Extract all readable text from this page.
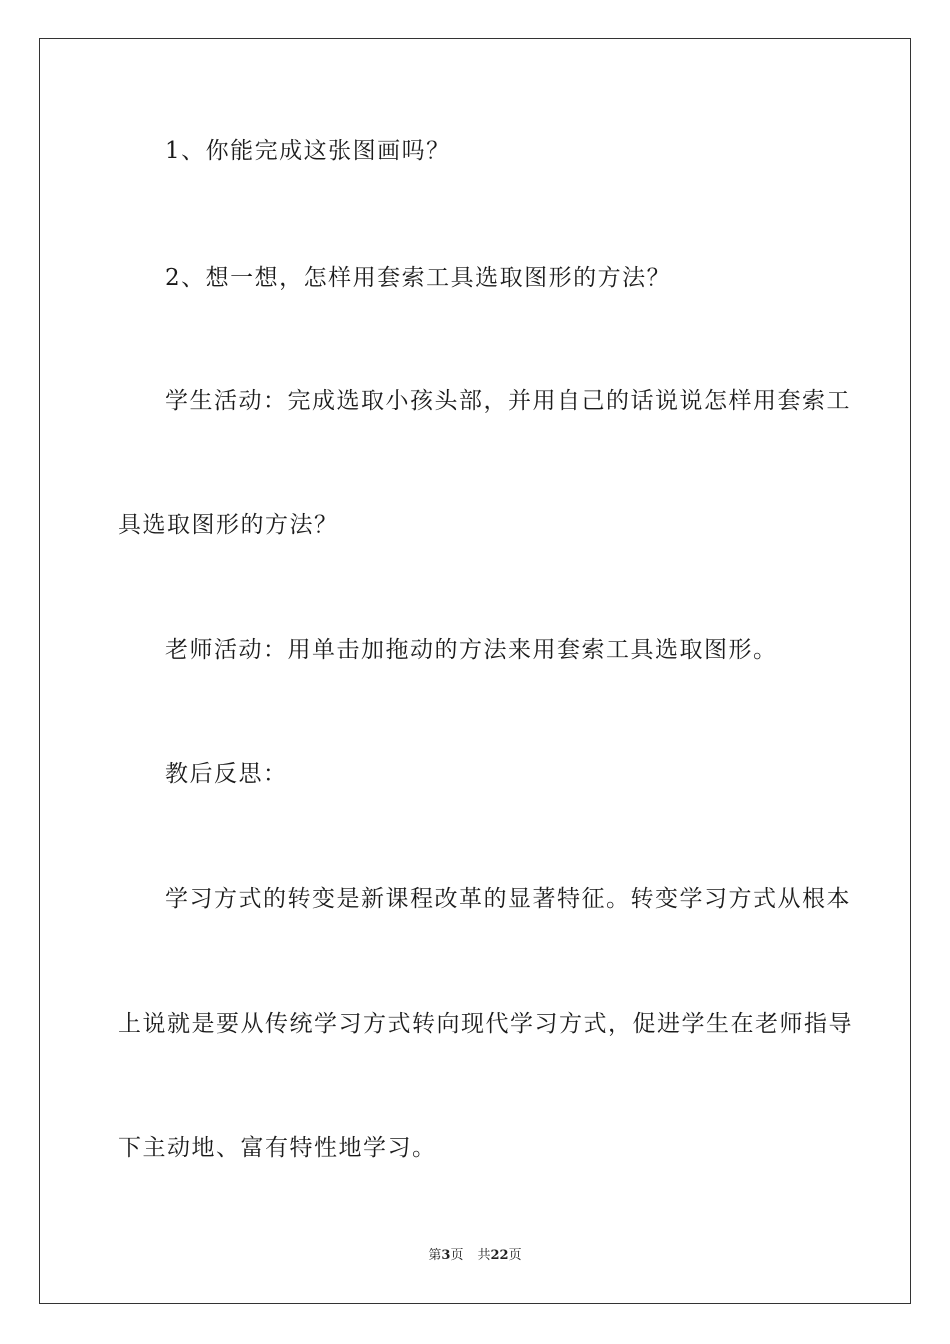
1、你能完成这张图画吗？
2、想一想，怎样用套索工具选取图形的方法？
学生活动：完成选取小孩头部，并用自己的话说说怎样用套索工
具选取图形的方法？
老师活动：用单击加拖动的方法来用套索工具选取图形。
教后反思：
学习方式的转变是新课程改革的显著特征。转变学习方式从根本
上说就是要从传统学习方式转向现代学习方式，促进学生在老师指导
下主动地、富有特性地学习。
第3页 共22页
